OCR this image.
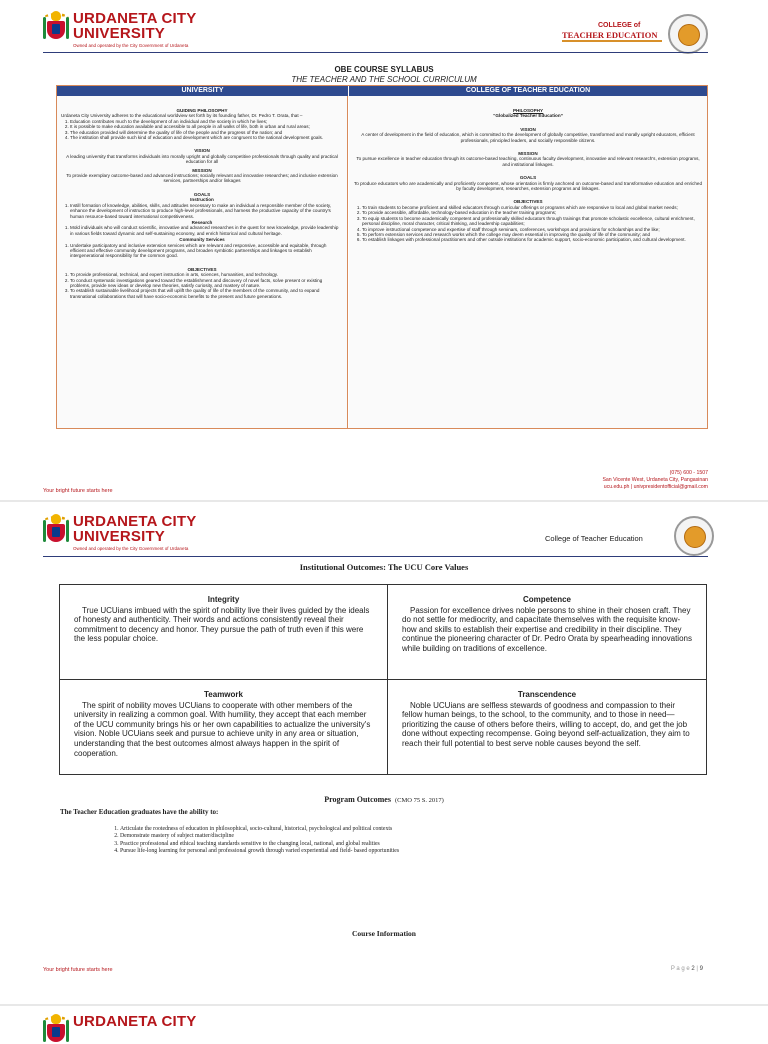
URDANETA CITY
UNIVERSITY
Owned and operated by the City Government of Urdaneta
COLLEGE of
TEACHER EDUCATION
OBE COURSE SYLLABUS
THE TEACHER AND THE SCHOOL CURRICULUM
UNIVERSITY	COLLEGE OF TEACHER EDUCATION
GUIDING PHILOSOPHY
Urdaneta City University adheres to the educational worldview set forth by its founding father, Dr. Pedro T. Orata, that –
1. Education contributes much to the development of an individual and the society in which he lives;
2. It is possible to make education available and accessible to all people in all walks of life, both in urban and rural areas;
3. The education provided will determine the quality of life of the people and the progress of the nation; and
4. The institution shall provide such kind of education and development which are congruent to the national development goals.
VISION
A leading university that transforms individuals into morally upright and globally competitive professionals through quality and practical education for all
MISSION
To provide exemplary outcome-based and advanced instructions; socially relevant and innovative researches; and inclusive extension services, partnerships and/or linkages
GOALS
Instruction
1. Instill formation of knowledge, abilities, skills, and attitudes necessary to make an individual a responsible member of the society, enhance the development of instruction to produce high-level professionals, and harness the productive capacity of the country's human resource-based toward international competitiveness.
Research
1. Mold individuals who will conduct scientific, innovative and advanced researches in the quest for new knowledge, provide leadership in various fields toward dynamic and self-sustaining economy, and enrich historical and cultural heritage.
Community Services
1. Undertake participatory and inclusive extension services which are relevant and responsive, accessible and equitable, through efficient and effective community development programs, and broaden symbiotic partnerships and linkages to establish intergenerational responsibility for the common good.
OBJECTIVES
1. To provide professional, technical, and expert instruction in arts, sciences, humanities, and technology.
2. To conduct systematic investigations geared toward the establishment and discovery of novel facts, solve present or existing problems, provide new ideas or develop new theories, satisfy curiosity, and mastery of nature.
3. To establish sustainable livelihood projects that will uplift the quality of life of the members of the community, and to expand transnational collaborations that will have socio-economic benefits to the present and future generations.
PHILOSOPHY
“Globalized Teacher Education”
VISION
A center of development in the field of education, which is committed to the development of globally competitive, transformed and morally upright educators, efficient professionals, principled leaders, and socially responsible citizens.
MISSION
To pursue excellence in teacher education through its outcome-based teaching, continuous faculty development, innovative and relevant research's, extension programs, and institutional linkages.
GOALS
To produce educators who are academically and proficiently competent, whose orientation is firmly anchored on outcome-based and transformative education and enriched by faculty development, researches, extension programs and linkages.
OBJECTIVES
1. To train students to become proficient and skilled educators through curricular offerings or programs which are responsive to local and global market needs;
2. To provide accessible, affordable, technology-based education in the teacher training programs;
3. To equip students to become academically competent and professionally skilled educators through trainings that promote scholastic excellence, cultural enrichment, personal discipline, moral character, critical thinking, and leadership capabilities;
4. To improve instructional competence and expertise of staff through seminars, conferences, workshops and provisions for scholarships and the like;
5. To perform extension services and research works which the college may deem essential in improving the quality of life of the community; and
6. To establish linkages with professional practitioners and other outside institutions for academic support, socio-economic participation, and cultural development.
Your bright future starts here
(075) 600 - 1507
San Vicente West, Urdaneta City, Pangasinan
ucu.edu.ph | univpresidentofficial@gmail.com
URDANETA CITY
UNIVERSITY
Owned and operated by the City Government of Urdaneta
College of Teacher Education
Institutional Outcomes: The UCU Core Values
Integrity
True UCUians imbued with the spirit of nobility live their lives guided by the ideals of honesty and authenticity. Their words and actions consistently reveal their commitment to decency and honor. They pursue the path of truth even if this were the less popular choice.
Competence
Passion for excellence drives noble persons to shine in their chosen craft. They do not settle for mediocrity, and capacitate themselves with the requisite know-how and skills to establish their expertise and credibility in their discipline. They continue the pioneering character of Dr. Pedro Orata by spearheading innovations while building on traditions of excellence.
Teamwork
The spirit of nobility moves UCUians to cooperate with other members of the university in realizing a common goal. With humility, they accept that each member of the UCU community brings his or her own capabilities to actualize the university's vision. Noble UCUians seek and pursue to achieve unity in any area or situation, understanding that the best outcomes almost always happen in the spirit of cooperation.
Transcendence
Noble UCUians are selfless stewards of goodness and compassion to their fellow human beings, to the school, to the community, and to those in need—prioritizing the cause of others before theirs, willing to accept, do, and get the job done without expecting recompense. Going beyond self-actualization, they aim to reach their full potential to best serve noble causes beyond the self.
Program Outcomes (CMO 75 S. 2017)
The Teacher Education graduates have the ability to:
1. Articulate the rootedness of education in philosophical, socio-cultural, historical, psychological and political contexts
2. Demonstrate mastery of subject matter/discipline
3. Practice professional and ethical teaching standards sensitive to the changing local, national, and global realities
4. Pursue life-long learning for personal and professional growth through varied experiential and field- based opportunities
Course Information
Your bright future starts here	P a g e 2 | 9
URDANETA CITY
